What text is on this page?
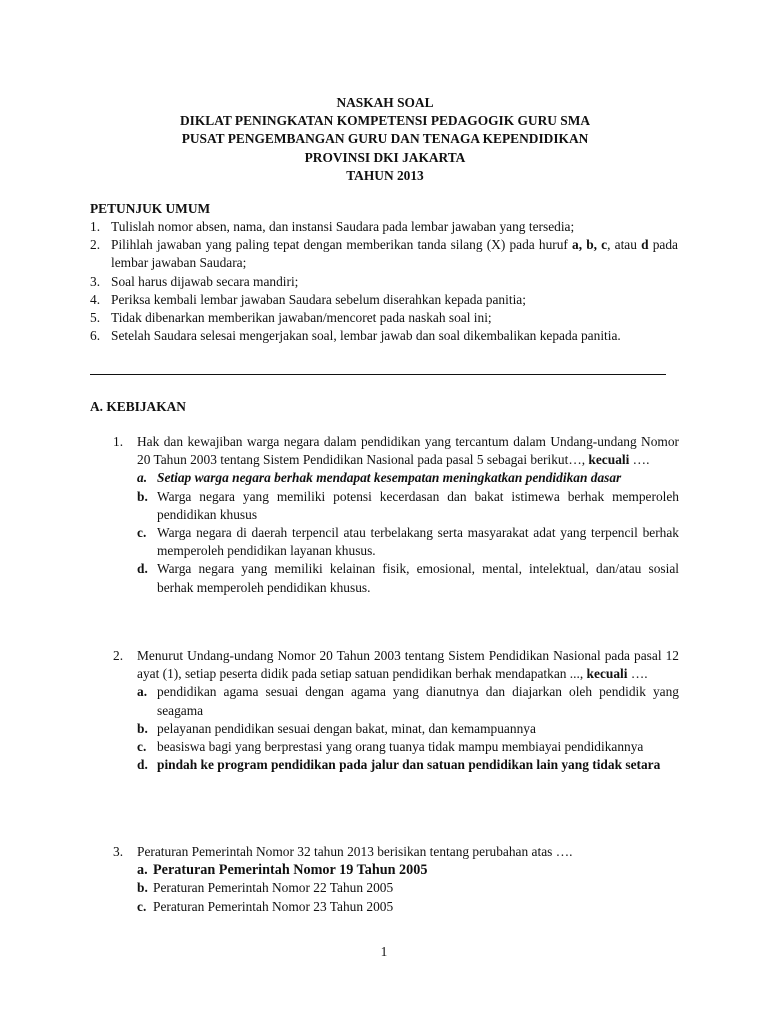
NASKAH SOAL
DIKLAT PENINGKATAN KOMPETENSI PEDAGOGIK GURU SMA
PUSAT PENGEMBANGAN GURU DAN TENAGA KEPENDIDIKAN
PROVINSI DKI JAKARTA
TAHUN 2013
PETUNJUK UMUM
1. Tulislah nomor absen, nama, dan instansi Saudara pada lembar jawaban yang tersedia;
2. Pilihlah jawaban yang paling tepat dengan memberikan tanda silang (X) pada huruf a, b, c, atau d pada lembar jawaban Saudara;
3. Soal harus dijawab secara mandiri;
4. Periksa kembali lembar jawaban Saudara sebelum diserahkan kepada panitia;
5. Tidak dibenarkan memberikan jawaban/mencoret pada naskah soal ini;
6. Setelah Saudara selesai mengerjakan soal, lembar jawab dan soal dikembalikan kepada panitia.
A. KEBIJAKAN
1. Hak dan kewajiban warga negara dalam pendidikan yang tercantum dalam Undang-undang Nomor 20 Tahun 2003 tentang Sistem Pendidikan Nasional pada pasal 5 sebagai berikut…, kecuali ….
a. Setiap warga negara berhak mendapat kesempatan meningkatkan pendidikan dasar
b. Warga negara yang memiliki potensi kecerdasan dan bakat istimewa berhak memperoleh pendidikan khusus
c. Warga negara di daerah terpencil atau terbelakang serta masyarakat adat yang terpencil berhak memperoleh pendidikan layanan khusus.
d. Warga negara yang memiliki kelainan fisik, emosional, mental, intelektual, dan/atau sosial berhak memperoleh pendidikan khusus.
2. Menurut Undang-undang Nomor 20 Tahun 2003 tentang Sistem Pendidikan Nasional pada pasal 12 ayat (1), setiap peserta didik pada setiap satuan pendidikan berhak mendapatkan ..., kecuali ….
a. pendidikan agama sesuai dengan agama yang dianutnya dan diajarkan oleh pendidik yang seagama
b. pelayanan pendidikan sesuai dengan bakat, minat, dan kemampuannya
c. beasiswa bagi yang berprestasi yang orang tuanya tidak mampu membiayai pendidikannya
d. pindah ke program pendidikan pada jalur dan satuan pendidikan lain yang tidak setara
3. Peraturan Pemerintah Nomor 32 tahun 2013 berisikan tentang perubahan atas ….
a. Peraturan Pemerintah Nomor 19 Tahun 2005
b. Peraturan Pemerintah Nomor 22 Tahun 2005
c. Peraturan Pemerintah Nomor 23 Tahun 2005
1
